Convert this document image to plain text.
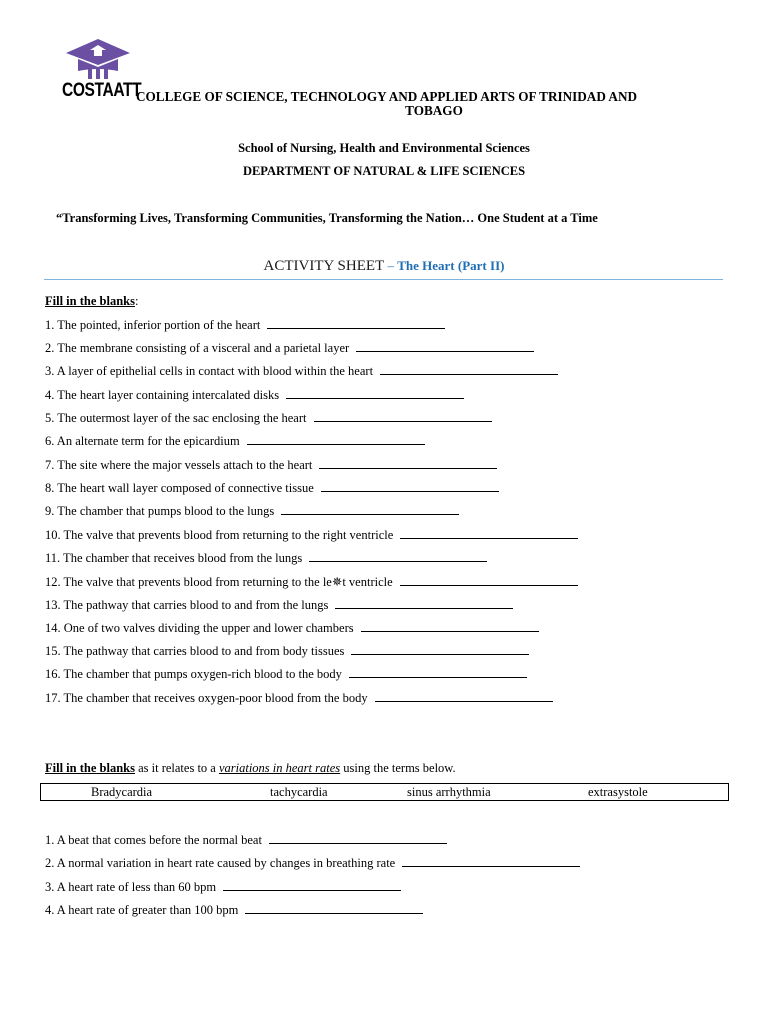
COSTAATT
COLLEGE OF SCIENCE, TECHNOLOGY AND APPLIED ARTS OF TRINIDAD AND
TOBAGO
School of Nursing, Health and Environmental Sciences
DEPARTMENT OF NATURAL & LIFE SCIENCES
“Transforming Lives, Transforming Communities, Transforming the Nation… One Student at a Time
ACTIVITY SHEET – The Heart (Part II)
Fill in the blanks:
1. The pointed, inferior portion of the heart
2. The membrane consisting of a visceral and a parietal layer
3. A layer of epithelial cells in contact with blood within the heart
4. The heart layer containing intercalated disks
5. The outermost layer of the sac enclosing the heart
6. An alternate term for the epicardium
7. The site where the major vessels attach to the heart
8. The heart wall layer composed of connective tissue
9. The chamber that pumps blood to the lungs
10. The valve that prevents blood from returning to the right ventricle
11. The chamber that receives blood from the lungs
12. The valve that prevents blood from returning to the le✵t ventricle
13. The pathway that carries blood to and from the lungs
14. One of two valves dividing the upper and lower chambers
15. The pathway that carries blood to and from body tissues
16. The chamber that pumps oxygen-rich blood to the body
17. The chamber that receives oxygen-poor blood from the body
Fill in the blanks as it relates to a variations in heart rates using the terms below.
Bradycardia	tachycardia	sinus arrhythmia	extrasystole
1. A beat that comes before the normal beat
2. A normal variation in heart rate caused by changes in breathing rate
3. A heart rate of less than 60 bpm
4. A heart rate of greater than 100 bpm
